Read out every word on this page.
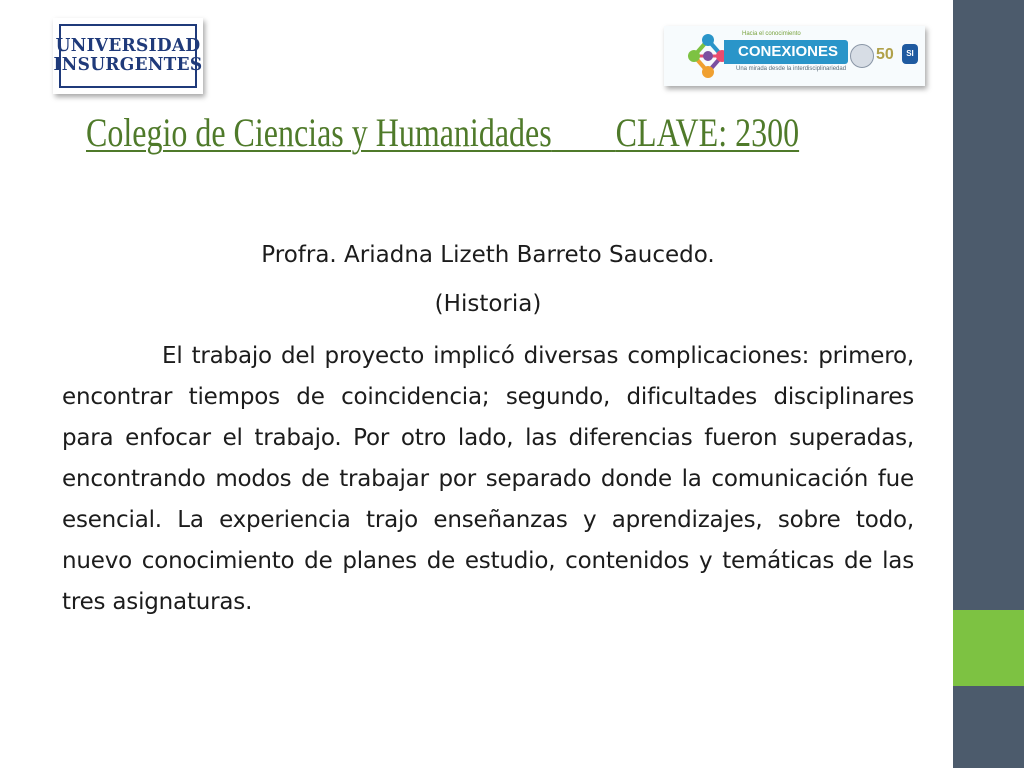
UNIVERSIDAD
INSURGENTES
Hacia el conocimiento
CONEXIONES
Una mirada desde la interdisciplinariedad
50	SI
Colegio de Ciencias y Humanidades CLAVE: 2300
Profra. Ariadna Lizeth Barreto Saucedo.
(Historia)
El trabajo del proyecto implicó diversas complicaciones: primero, encontrar tiempos de coincidencia; segundo, dificultades disciplinares para enfocar el trabajo. Por otro lado, las diferencias fueron superadas, encontrando modos de trabajar por separado donde la comunicación fue esencial. La experiencia trajo enseñanzas y aprendizajes, sobre todo, nuevo conocimiento de planes de estudio, contenidos y temáticas de las tres asignaturas.
